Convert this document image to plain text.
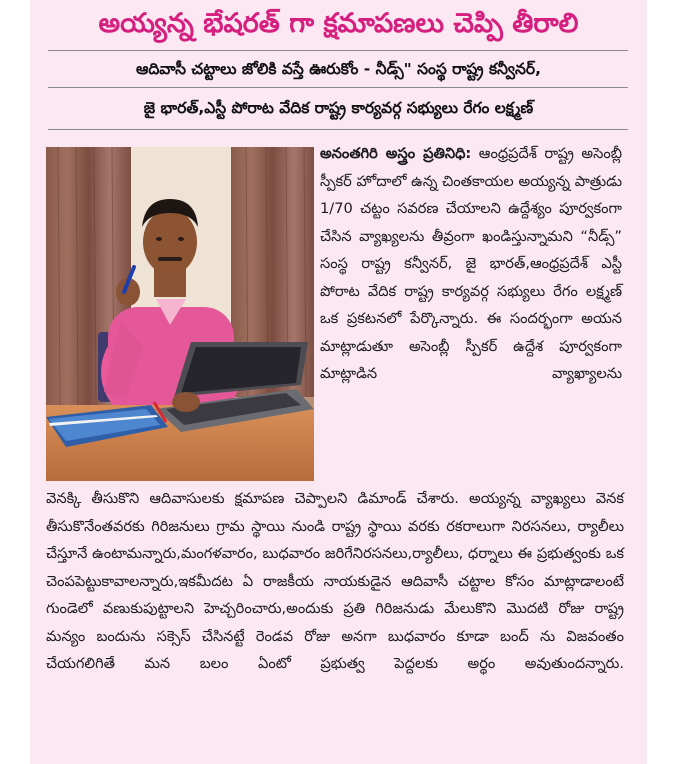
అయ్యన్న భేషరత్ గా క్షమాపణలు చెప్పి తీరాలి
ఆదివాసీ చట్టాలు జోలికి వస్తే ఊరుకోం - నీడ్స్" సంస్థ రాష్ట్ర కన్వీనర్,
జై భారత్,ఎస్టీ పోరాట వేదిక రాష్ట్ర కార్యవర్గ సభ్యులు రేగం లక్ష్మణ్
అనంతగిరి అస్త్రం ప్రతినిధి: ఆంధ్రప్రదేశ్ రాష్ట్ర అసెంబ్లీ స్పీకర్ హోదాలో ఉన్న చింతకాయల అయ్యన్న పాత్రుడు 1/70 చట్టం సవరణ చేయాలని ఉద్దేశ్యం పూర్వకంగా చేసిన వ్యాఖ్యలను తీవ్రంగా ఖండిస్తున్నామని “నీడ్స్” సంస్థ రాష్ట్ర కన్వీనర్, జై భారత్,ఆంధ్రప్రదేశ్ ఎస్టీ పోరాట వేదిక రాష్ట్ర కార్యవర్గ సభ్యులు రేగం లక్ష్మణ్ ఒక ప్రకటనలో పేర్కొన్నారు. ఈ సందర్భంగా అయన మాట్లాడుతూ అసెంబ్లీ స్పీకర్ ఉద్దేశ పూర్వకంగా మాట్లాడిన వ్యాఖ్యాలను
వెనక్కి తీసుకొని ఆదివాసులకు క్షమాపణ చెప్పాలని డిమాండ్ చేశారు. అయ్యన్న వ్యాఖ్యలు వెనక తీసుకొనేంతవరకు గిరిజనులు గ్రామ స్థాయి నుండి రాష్ట్ర స్థాయి వరకు రకరాలుగా నిరసనలు, ర్యాలీలు చేస్తూనే ఉంటామన్నారు,మంగళవారం, బుధవారం జరిగేనిరసనలు,ర్యాలీలు, ధర్నాలు ఈ ప్రభుత్వంకు ఒక చెంపపెట్టుకావాలన్నారు,ఇకమీదట ఏ రాజకీయ నాయకుడైన ఆదివాసీ చట్టాల కోసం మాట్లాడాలంటే గుండెలో వణుకుపుట్టాలని హెచ్చరించారు,అందుకు ప్రతి గిరిజనుడు మేలుకొని మొదటి రోజు రాష్ట్ర మన్యం బందును సక్సెస్ చేసినట్టే రెండవ రోజు అనగా బుధవారం కూడా బంద్ ను విజవంతం చేయగలిగితే మన బలం ఏంటో ప్రభుత్వ పెద్దలకు అర్థం అవుతుందన్నారు.
